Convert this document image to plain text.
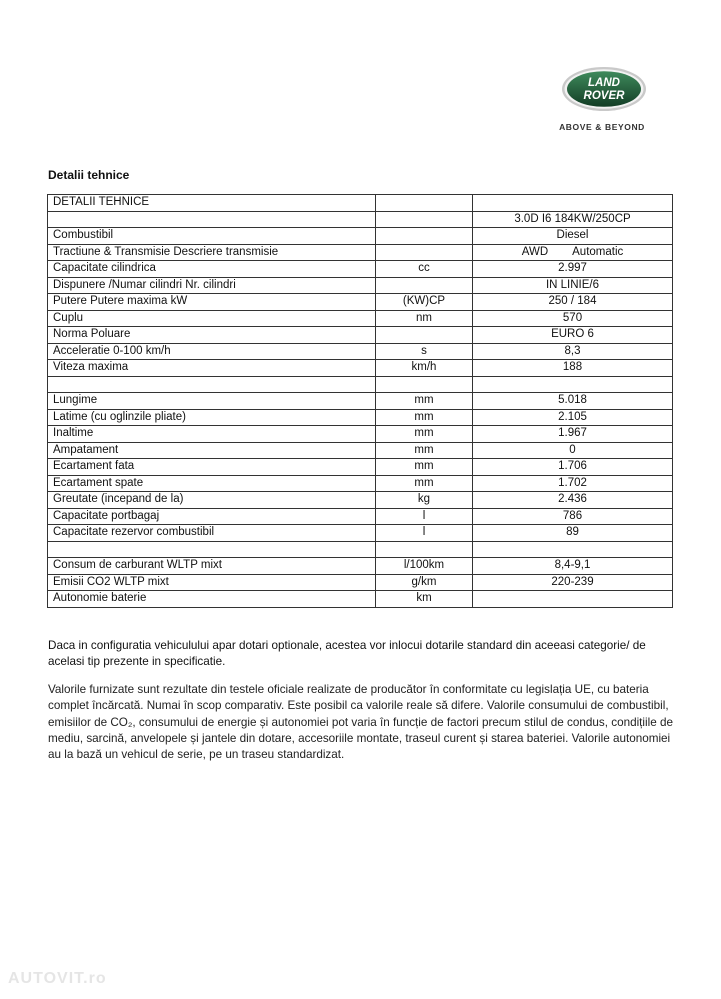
LAND
ROVER
ABOVE & BEYOND
Detalii tehnice
DETALII TEHNICE		
		3.0D I6 184KW/250CP
Combustibil		Diesel
Tractiune & Transmisie Descriere transmisie		AWD Automatic
Capacitate cilindrica	cc	2.997
Dispunere /Numar cilindri Nr. cilindri		IN LINIE/6
Putere Putere maxima kW	(KW)CP	250 / 184
Cuplu	nm	570
Norma Poluare		EURO 6
Acceleratie 0-100 km/h	s	8,3
Viteza maxima	km/h	188

Lungime	mm	5.018
Latime (cu oglinzile pliate)	mm	2.105
Inaltime	mm	1.967
Ampatament	mm	0
Ecartament fata	mm	1.706
Ecartament spate	mm	1.702
Greutate (incepand de la)	kg	2.436
Capacitate portbagaj	l	786
Capacitate rezervor combustibil	l	89

Consum de carburant WLTP mixt	l/100km	8,4-9,1
Emisii CO2 WLTP mixt	g/km	220-239
Autonomie baterie	km	
Daca in configuratia vehiculului apar dotari optionale, acestea vor inlocui dotarile standard din aceeasi categorie/ de acelasi tip prezente in specificatie.
Valorile furnizate sunt rezultate din testele oficiale realizate de producător în conformitate cu legislația UE, cu bateria complet încărcată. Numai în scop comparativ. Este posibil ca valorile reale să difere. Valorile consumului de combustibil, emisiilor de CO₂, consumului de energie și autonomiei pot varia în funcție de factori precum stilul de condus, condițiile de mediu, sarcină, anvelopele și jantele din dotare, accesoriile montate, traseul curent și starea bateriei. Valorile autonomiei au la bază un vehicul de serie, pe un traseu standardizat.
AUTOVIT.ro
